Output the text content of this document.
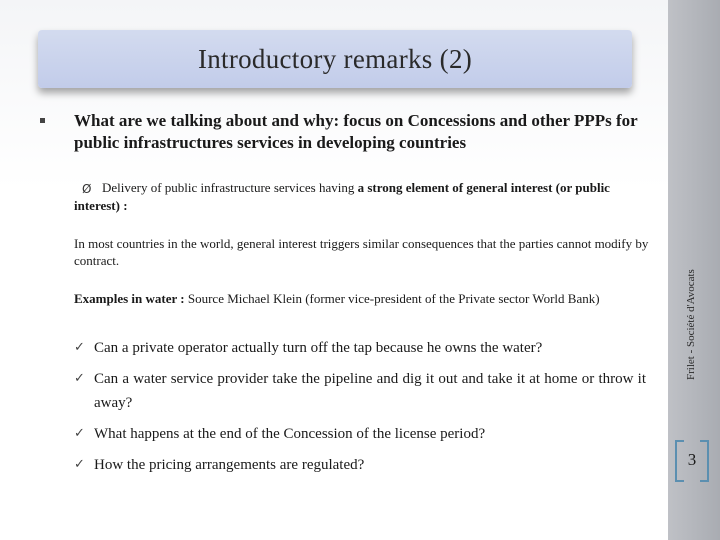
Introductory remarks (2)
What are we talking about and why: focus on Concessions and other PPPs for public infrastructures services in developing countries
Ø Delivery of public infrastructure services having a strong element of general interest (or public interest) :
In most countries in the world, general interest triggers similar consequences that the parties cannot modify by contract.
Examples in water : Source Michael Klein (former vice-president of the Private sector World Bank)
✓ Can a private operator actually turn off the tap because he owns the water?
✓ Can a water service provider take the pipeline and dig it out and take it at home or throw it away?
✓ What happens at the end of the Concession of the license period?
✓ How the pricing arrangements are regulated?
Frilet - Société d'Avocats
3
